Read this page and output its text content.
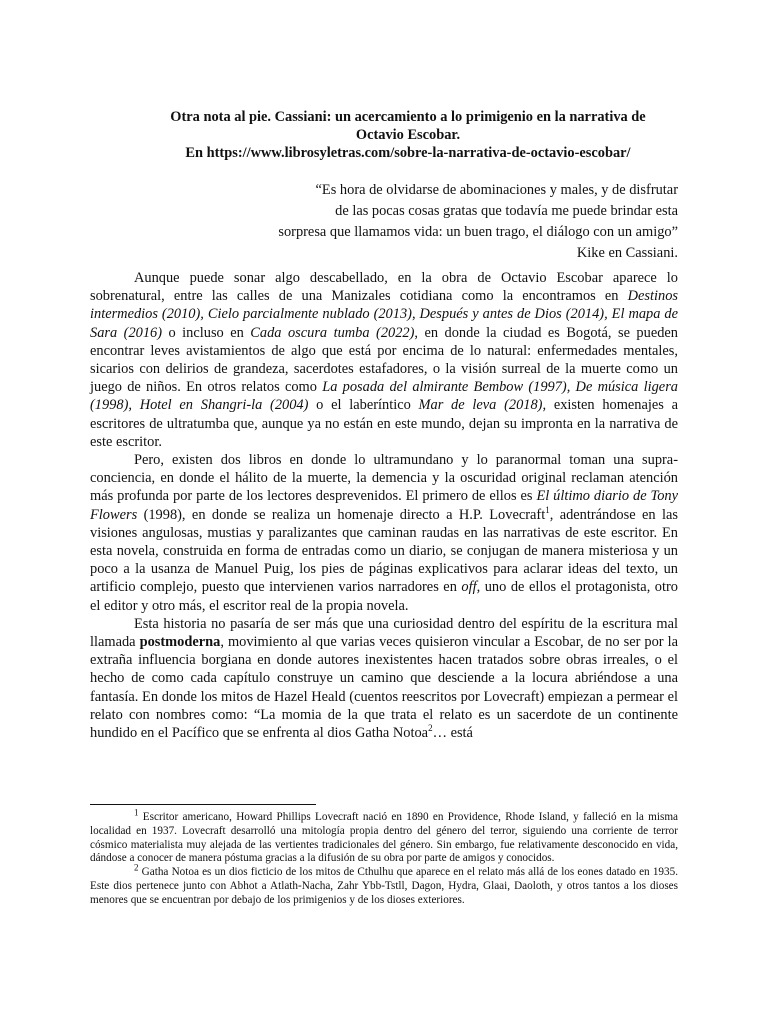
Otra nota al pie. Cassiani: un acercamiento a lo primigenio en la narrativa de
Octavio Escobar.
En https://www.librosyletras.com/sobre-la-narrativa-de-octavio-escobar/
“Es hora de olvidarse de abominaciones y males, y de disfrutar
de las pocas cosas gratas que todavía me puede brindar esta
sorpresa que llamamos vida: un buen trago, el diálogo con un amigo”
Kike en Cassiani.

Aunque puede sonar algo descabellado, en la obra de Octavio Escobar aparece lo sobrenatural, entre las calles de una Manizales cotidiana como la encontramos en Destinos intermedios (2010), Cielo parcialmente nublado (2013), Después y antes de Dios (2014), El mapa de Sara (2016) o incluso en Cada oscura tumba (2022), en donde la ciudad es Bogotá, se pueden encontrar leves avistamientos de algo que está por encima de lo natural: enfermedades mentales, sicarios con delirios de grandeza, sacerdotes estafadores, o la visión surreal de la muerte como un juego de niños. En otros relatos como La posada del almirante Bembow (1997), De música ligera (1998), Hotel en Shangri-la (2004) o el laberíntico Mar de leva (2018), existen homenajes a escritores de ultratumba que, aunque ya no están en este mundo, dejan su impronta en la narrativa de este escritor.

Pero, existen dos libros en donde lo ultramundano y lo paranormal toman una supra-conciencia, en donde el hálito de la muerte, la demencia y la oscuridad original reclaman atención más profunda por parte de los lectores desprevenidos. El primero de ellos es El último diario de Tony Flowers (1998), en donde se realiza un homenaje directo a H.P. Lovecraft$^1$, adentrándose en las visiones angulosas, mustias y paralizantes que caminan raudas en las narrativas de este escritor. En esta novela, construida en forma de entradas como un diario, se conjugan de manera misteriosa y un poco a la usanza de Manuel Puig, los pies de páginas explicativos para aclarar ideas del texto, un artificio complejo, puesto que intervienen varios narradores en off, uno de ellos el protagonista, otro el editor y otro más, el escritor real de la propia novela.

Esta historia no pasaría de ser más que una curiosidad dentro del espíritu de la escritura mal llamada postmoderna, movimiento al que varias veces quisieron vincular a Escobar, de no ser por la extraña influencia borgiana en donde autores inexistentes hacen tratados sobre obras irreales, o el hecho de como cada capítulo construye un camino que desciende a la locura abriéndose a una fantasía. En donde los mitos de Hazel Heald (cuentos reescritos por Lovecraft) empiezan a permear el relato con nombres como: “La momia de la que trata el relato es un sacerdote de un continente hundido en el Pacífico que se enfrenta al dios Gatha Notoa$^2$… está

$^1$ Escritor americano, Howard Phillips Lovecraft nació en 1890 en Providence, Rhode Island, y falleció en la misma localidad en 1937. Lovecraft desarrolló una mitología propia dentro del género del terror, siguiendo una corriente de terror cósmico materialista muy alejada de las vertientes tradicionales del género. Sin embargo, fue relativamente desconocido en vida, dándose a conocer de manera póstuma gracias a la difusión de su obra por parte de amigos y conocidos.

$^2$ Gatha Notoa es un dios ficticio de los mitos de Cthulhu que aparece en el relato más allá de los eones datado en 1935. Este dios pertenece junto con Abhot a Atlath-Nacha, Zahr Ybb-Tstll, Dagon, Hydra, Glaai, Daoloth, y otros tantos a los dioses menores que se encuentran por debajo de los primigenios y de los dioses exteriores.
